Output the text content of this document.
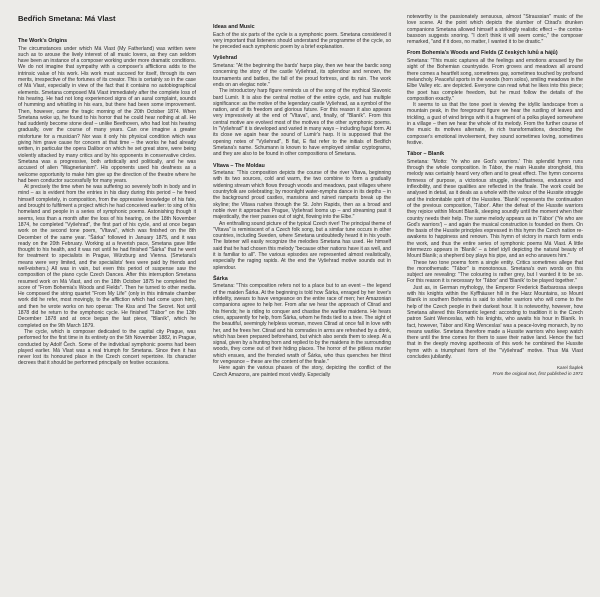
Bedřich Smetana: Má Vlast
The Work's Origins

The circumstances under which Má Vlast (My Fatherland) was written were such as to arouse the lively interest of all music lovers, as they can seldom have been an instance of a composer working under more dramatic conditions. We do not imagine that sympathy with a composer's afflictions adds to the intrinsic value of his work. His work must succeed for itself, through its own merits, irrespective of the fortunes of its creator. This is certainly so in the case of Má Vlast, especially in view of the fact that it contains no autobiographical elements. Smetana composed Má Vlast immediately after the complete loss of his hearing. He had not long experienced signs of an aural complaint, sounds of humming and whistling in his ears, but there had been some improvement. Then, however, came the tragic morning of the 20th October 1874. When Smetana woke up, he found to his horror that he could hear nothing at all. He had suddenly become stone deaf – unlike Beethoven, who had lost his hearing gradually, over the course of many years. Can one imagine a greater misfortune for a musician? Nor was it only his physical condition which was giving him grave cause for concern at that time – the works he had already written, in particular the opera Dalibor on which he set great store, were being violently attacked by many critics and by his opponents in conservative circles. Smetana was a progressive, both artistically and politically, and he was accused of alien "Wagnerianism". His opponents used his deafness as a welcome opportunity to make him give up the direction of the theatre where he had been conductor successfully for many years.

At precisely the time when he was suffering so severely both in body and in mind – as is evident from the entries in his diary during this period – he freed himself completely, in composition, from the oppressive knowledge of his fate, and brought to fulfilment a project which he had conceived earlier: to sing of his homeland and people in a series of symphonic poems. Astonishing though it seems, less than a month after the loss of his hearing, on the 18th November 1874, he completed "Vyšehrad", the first part of his cycle, and at once began work on the second tone poem, "Vltava", which was finished on the 8th December of the same year. "Šárka" followed in January 1875, and it was ready on the 20th February. Working at a feverish pace, Smetana gave little thought to his health, and it was not until he had finished "Šárka" that he went for treatment to specialists in Prague, Würzburg and Vienna. (Smetana's means were very limited, and the specialists' fees were paid by friends and well-wishers.) All was in vain, but even this period of suspense saw the composition of the piano cycle Czech Dances. After this interruption Smetana resumed work on Má Vlast, and on the 18th October 1875 he completed the score of "From Bohemia's Woods and Fields". Then he turned to other media. He composed the string quartet "From My Life" (only in this intimate chamber work did he refer, most movingly, to the affliction which had come upon him), and then he wrote works on two operas: The Kiss and The Secret. Not until 1878 did he return to the symphonic cycle. He finished "Tábor" on the 13th December 1878 and at once began the last piece, "Blaník", which he completed on the 9th March 1879.

The cycle, which is composer dedicated to the capital city Prague, was performed for the first time in its entirety on the 5th November 1882, in Prague, conducted by Adolf Čech. Some of the individual symphonic poems had been played earlier. Má Vlast was a real triumph for Smetana. Since then it has never lost its honoured place in the Czech concert repertoire. Its character decrees that it should be performed principally on festive occasions.

Ideas and Music

Each of the six parts of the cycle is a symphonic poem. Smetana considered it very important that listeners should understand the programme of the cycle, so he preceded each symphonic poem by a brief explanation.

Vyšehrad

Smetana: "At the beginning the bards' harps play, then we hear the bardic song concerning the story of the castle Vyšehrad, its splendour and renown, the tournaments and battles, the fall of the proud fortress, and its ruin. The work ends on an elegiac note."

The introductory harp figure reminds us of the song of the mythical Slavonic bard Lumír. It is also the central motive of the entire cycle, and has multiple significance: as the motive of the legendary castle Vyšehrad, as a symbol of the nation, and of its freedom and glorious future. For this reason it also appears very impressively at the end of "Vltava", and, finally, of "Blaník". From this central motive are evolved most of the motives of the other symphonic poems. In "Vyšehrad" it is developed and varied in many ways – including fugal form. At its close we again hear the sound of Lumír's harp. It is supposed that the opening notes of "Vyšehrad", B flat, E flat refer to the initials of Bedřich Smetana's name. Schumann is known to have employed similar cryptograms, and they are also to be found in other compositions of Smetana.

Vltava – The Moldau

Smetana: "This composition depicts the course of the river Vltava, beginning with its two sources, cold and warm, the two combine to form a gradually widening stream which flows through woods and meadows, past villages where countryfolk are celebrating; by moonlight water-nymphs dance in its depths – in the background proud castles, mansions and ruined ramparts break up the skyline; the Vltava rushes through the St. John Rapids, then as a broad and noble river it approaches Prague, Vyšehrad looms up – and streaming past it majestically, the river passes out of sight, flowing into the Elbe."

An enthralling sound picture of the typical Czech river! The principal theme of "Vltava" is reminiscent of a Czech folk song, but a similar tune occurs in other countries, including Sweden, where Smetana undoubtedly heard it in his youth. The listener will easily recognize the melodies Smetana has used. He himself said that he had chosen this melody "because other nations have it as well, and it is familiar to all". The various episodes are represented almost realistically, especially the raging rapids. At the end the Vyšehrad motive sounds out in splendour.

Šárka

Smetana: "This composition refers not to a place but to an event – the legend of the maiden Šárka. At the beginning is told how Šárka, enraged by her lover's infidelity, swears to have vengeance on the entire race of men; her Amazonian companions agree to help her. From afar we hear the approach of Ctirad and his friends; he is riding to conquer and chastise the warlike maidens. He hears cries, apparently for help, from Šárka, whom he finds tied to a tree. The sight of the beautiful, seemingly helpless woman, moves Ctirad at once fall in love with her, and he frees her. Ctirad and his comrades in arms are refreshed by a drink, which has been prepared beforehand, but which also sends them to sleep. At a signal, given by a hunting horn and replied to by the maidens in the surrounding woods, they come out of their hiding places. The horror of the pitiless murder which ensues, and the frenzied wrath of Šárka, who thus quenches her thirst for vengeance – these are the content of the finale."

Here again the various phases of the story, depicting the conflict of the Czech Amazons, are painted most vividly. Especially

noteworthy is the passionately sensuous, almost "Straussian" music of the love scene. At the point which depicts the slumber of Ctirad's drunken companions Smetana allowed himself a strikingly realistic effect – the contra-bassoon suggests snoring. "I don't think it will seem comic," the composer remarked, "and if it does, no matter, I wanted it to be drastic."

From Bohemia's Woods and Fields (Z českých luhů a hájů)

Smetana: "This music captures all the feelings and emotions aroused by the sight of the Bohemian countryside. From groves and meadows all around there comes a heartfelt song, sometimes gay, sometimes touched by profound melancholy. Peaceful sports in the woods (horn solos), smiling meadows in the Elbe Valley etc. are depicted. Everyone can read what he likes into this piece; the poet has complete freedom, but he must follow the details of the composition exactly."

It seems to us that the tone poet is viewing the idyllic landscape from a mountain peak, in the foreground figure we hear the rustling of leaves and trickling, a gust of wind brings with it a fragment of a polka played somewhere in a village – then we hear the whole of its melody. From the further course of the music its motives alternate, in rich transformations, describing the composer's emotional involvement, they sound sometimes loving, sometimes festive.

Tábor – Blaník

Smetana: "Motto: 'Ye who are God's warriors.' This splendid hymn runs through the whole composition. In Tábor, the main Hussite stronghold, this melody was certainly heard very often and to great effect. The hymn concerns firmness of purpose, a victorious struggle, steadfastness, endurance and inflexibility, and these qualities are reflected in the finale. The work could be analysed in detail, as it deals as a whole with the valour of the Hussite struggle and the indomitable spirit of the Hussites. 'Blaník' represents the continuation of the previous composition, 'Tábor'. After the defeat of the Hussite warriors they rejoice within Mount Blaník, sleeping soundly until the moment when their country needs their help. The same melody appears as in 'Tábor' ('Ye who are God's warriors') – and again the musical construction is founded on them. On the basis of the Hussite principles expressed in this hymn the Czech nation re-awakens to happiness and renown. This hymn of victory in march form ends the work, and thus the entire series of symphonic poems Má Vlast. A little intermezzo appears in 'Blaník' – a brief idyll depicting the natural beauty of Mount Blaník; a shepherd boy plays his pipe, and an echo answers him."

These two tone poems form a single entity. Critics sometimes allege that the monothematic "Tábor" is monotonous. Smetana's own words on this subject are revealing: "The colouring is rather grey, but I wanted it to be so. For this reason it is necessary for 'Tábor' and 'Blaník' to be played together."

Just as, in German mythology, the Emperor Frederick Barbarossa sleeps with his knights within the Kyffhäuser hill in the Harz Mountains, so Mount Blaník in southern Bohemia is said to shelter warriors who will come to the help of the Czech people in their darkest hour. It is noteworthy, however, how Smetana altered this Romantic legend: according to tradition it is the Czech patron Saint Wenceslas, with his knights, who awaits his hour in Blaník. In fact, however, Tábor and King Wenceslas' was a peace-loving monarch, by no means warlike. Smetana therefore made a Hussite warriors who keep watch there until the time comes for them to save their native land. Hence the fact that in the deeply moving apotheosis of this work he combined the Hussite hymn with a triumphant form of the "Vyšehrad" motive. Thus Má Vlast concludes jubilantly.

Karel Šaplek
From the original text, first published in 1971
